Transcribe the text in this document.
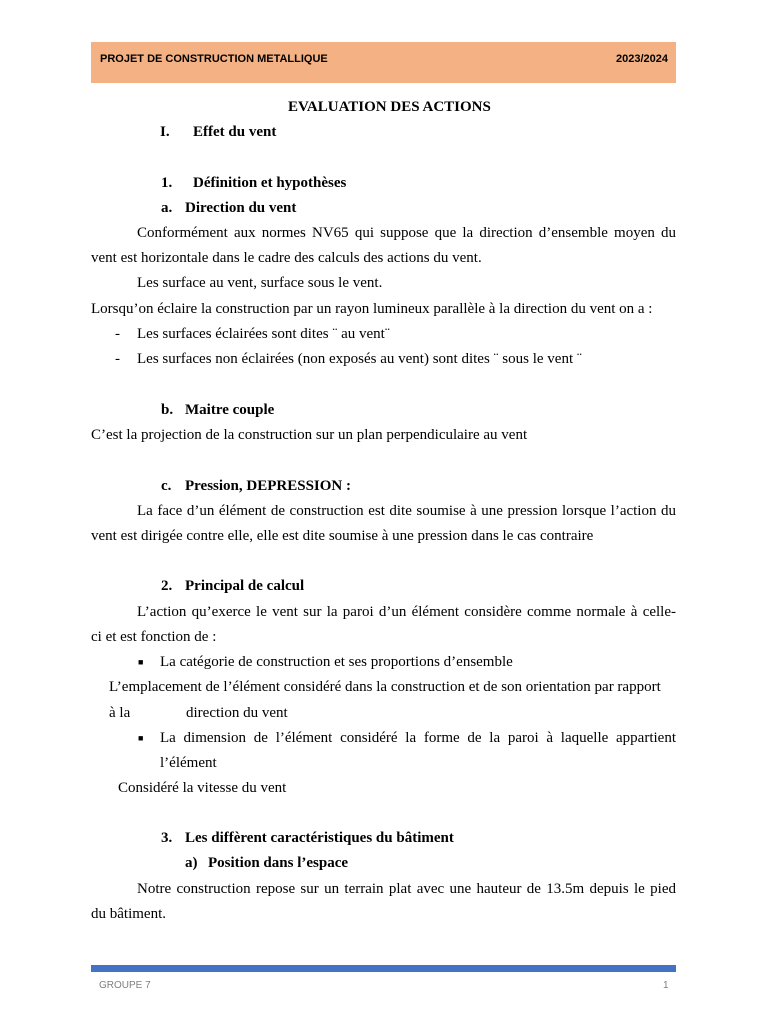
PROJET DE CONSTRUCTION METALLIQUE	2023/2024
EVALUATION DES ACTIONS
I. Effet du vent
1. Définition et hypothèses
a. Direction du vent
Conformément aux normes NV65 qui suppose que la direction d’ensemble moyen du
vent est horizontale dans le cadre des calculs des actions du vent.
Les surface au vent, surface sous le vent.
Lorsqu’on éclaire la construction par un rayon lumineux parallèle à la direction du vent on a :
- Les surfaces éclairées sont dites ¨ au vent¨
- Les surfaces non éclairées (non exposés au vent) sont dites ¨ sous le vent ¨
b. Maitre couple
C’est la projection de la construction sur un plan perpendiculaire au vent
c. Pression, DEPRESSION :
La face d’un élément de construction est dite soumise à une pression lorsque l’action du
vent est dirigée contre elle, elle est dite soumise à une pression dans le cas contraire
2. Principal de calcul
L’action qu’exerce le vent sur la paroi d’un élément considère comme normale à celle-
ci et est fonction de :
■ La catégorie de construction et ses proportions d’ensemble
L’emplacement de l’élément considéré dans la construction et de son orientation par rapport
à la	direction du vent
■ La dimension de l’élément considéré la forme de la paroi à laquelle appartient
l’élément
Considéré la vitesse du vent
3. Les diffèrent caractéristiques du bâtiment
a) Position dans l’espace
Notre construction repose sur un terrain plat avec une hauteur de 13.5m depuis le pied
du bâtiment.
GROUPE 7	1
